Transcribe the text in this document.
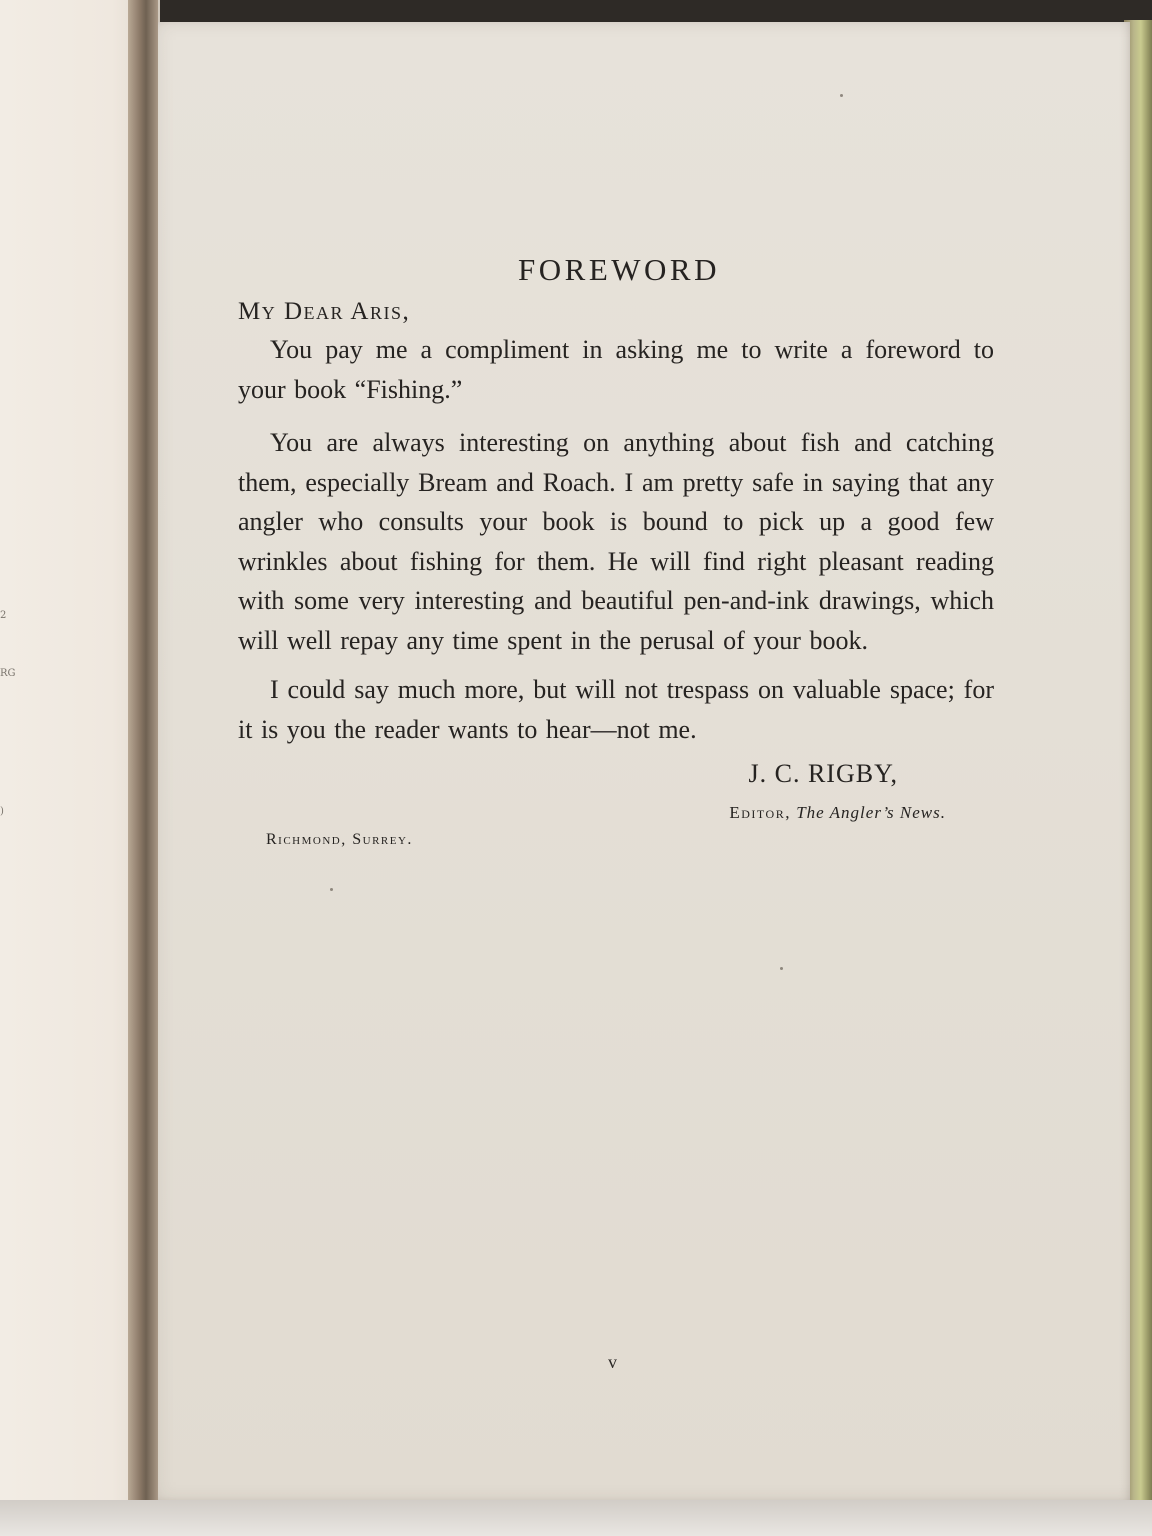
2
RG
)
FOREWORD

My Dear Aris,

You pay me a compliment in asking me to write a foreword to your book “Fishing.”

You are always interesting on anything about fish and catching them, especially Bream and Roach. I am pretty safe in saying that any angler who consults your book is bound to pick up a good few wrinkles about fishing for them. He will find right pleasant reading with some very interesting and beautiful pen-and-ink drawings, which will well repay any time spent in the perusal of your book.

I could say much more, but will not trespass on valuable space; for it is you the reader wants to hear—not me.

J. C. RIGBY,
Editor, The Angler’s News.
Richmond, Surrey.
v
